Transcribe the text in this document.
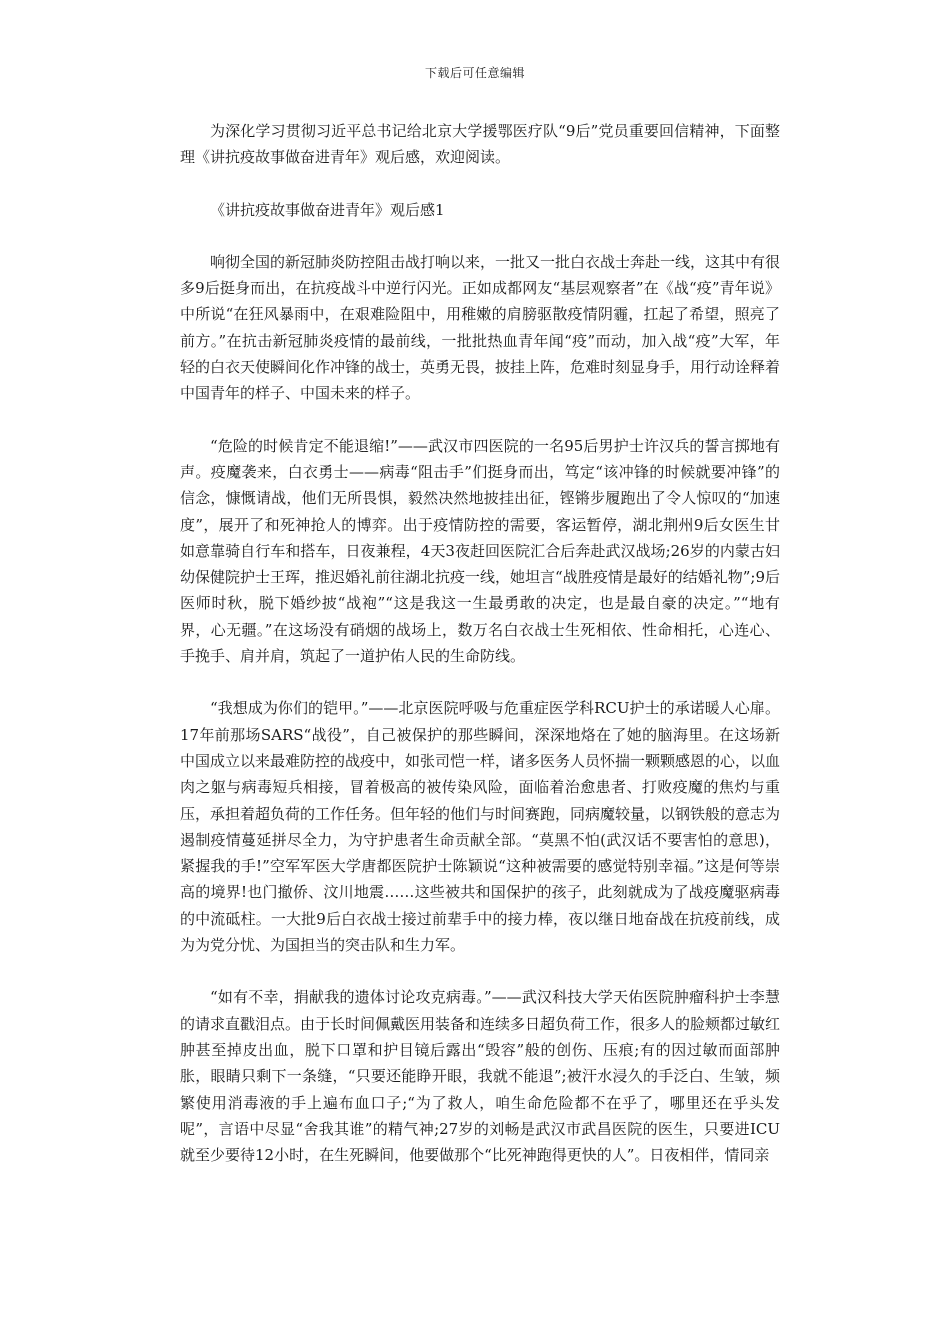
下载后可任意编辑

为深化学习贯彻习近平总书记给北京大学援鄂医疗队“9后”党员重要回信精神，下面整理《讲抗疫故事做奋进青年》观后感，欢迎阅读。

《讲抗疫故事做奋进青年》观后感1

响彻全国的新冠肺炎防控阻击战打响以来，一批又一批白衣战士奔赴一线，这其中有很多9后挺身而出，在抗疫战斗中逆行闪光。正如成都网友“基层观察者”在《战“疫”青年说》中所说“在狂风暴雨中，在艰难险阻中，用稚嫩的肩膀驱散疫情阴霾，扛起了希望，照亮了前方。”在抗击新冠肺炎疫情的最前线，一批批热血青年闻“疫”而动，加入战“疫”大军，年轻的白衣天使瞬间化作冲锋的战士，英勇无畏，披挂上阵，危难时刻显身手，用行动诠释着中国青年的样子、中国未来的样子。

“危险的时候肯定不能退缩!”——武汉市四医院的一名95后男护士许汉兵的誓言掷地有声。疫魔袭来，白衣勇士——病毒“阻击手”们挺身而出，笃定“该冲锋的时候就要冲锋”的信念，慷慨请战，他们无所畏惧，毅然决然地披挂出征，铿锵步履跑出了令人惊叹的“加速度”，展开了和死神抢人的博弈。出于疫情防控的需要，客运暂停，湖北荆州9后女医生甘如意靠骑自行车和搭车，日夜兼程，4天3夜赶回医院汇合后奔赴武汉战场;26岁的内蒙古妇幼保健院护士王珲，推迟婚礼前往湖北抗疫一线，她坦言“战胜疫情是最好的结婚礼物”;9后医师时秋，脱下婚纱披“战袍”“这是我这一生最勇敢的决定，也是最自豪的决定。”“地有界，心无疆。”在这场没有硝烟的战场上，数万名白衣战士生死相依、性命相托，心连心、手挽手、肩并肩，筑起了一道护佑人民的生命防线。

“我想成为你们的铠甲。”——北京医院呼吸与危重症医学科RCU护士的承诺暖人心扉。17年前那场SARS“战役”，自己被保护的那些瞬间，深深地烙在了她的脑海里。在这场新中国成立以来最难防控的战疫中，如张司恺一样，诸多医务人员怀揣一颗颗感恩的心，以血肉之躯与病毒短兵相接，冒着极高的被传染风险，面临着治愈患者、打败疫魔的焦灼与重压，承担着超负荷的工作任务。但年轻的他们与时间赛跑，同病魔较量，以钢铁般的意志为遏制疫情蔓延拼尽全力，为守护患者生命贡献全部。“莫黑不怕(武汉话不要害怕的意思)，紧握我的手!”空军军医大学唐都医院护士陈颖说“这种被需要的感觉特别幸福。”这是何等崇高的境界!也门撤侨、汶川地震……这些被共和国保护的孩子，此刻就成为了战疫魔驱病毒的中流砥柱。一大批9后白衣战士接过前辈手中的接力棒，夜以继日地奋战在抗疫前线，成为为党分忧、为国担当的突击队和生力军。

“如有不幸，捐献我的遗体讨论攻克病毒。”——武汉科技大学天佑医院肿瘤科护士李慧的请求直戳泪点。由于长时间佩戴医用装备和连续多日超负荷工作，很多人的脸颊都过敏红肿甚至掉皮出血，脱下口罩和护目镜后露出“毁容”般的创伤、压痕;有的因过敏而面部肿胀，眼睛只剩下一条缝，“只要还能睁开眼，我就不能退”;被汗水浸久的手泛白、生皱，频繁使用消毒液的手上遍布血口子;“为了救人，咱生命危险都不在乎了，哪里还在乎头发呢”，言语中尽显“舍我其谁”的精气神;27岁的刘畅是武汉市武昌医院的医生，只要进ICU就至少要待12小时，在生死瞬间，他要做那个“比死神跑得更快的人”。日夜相伴，情同亲
